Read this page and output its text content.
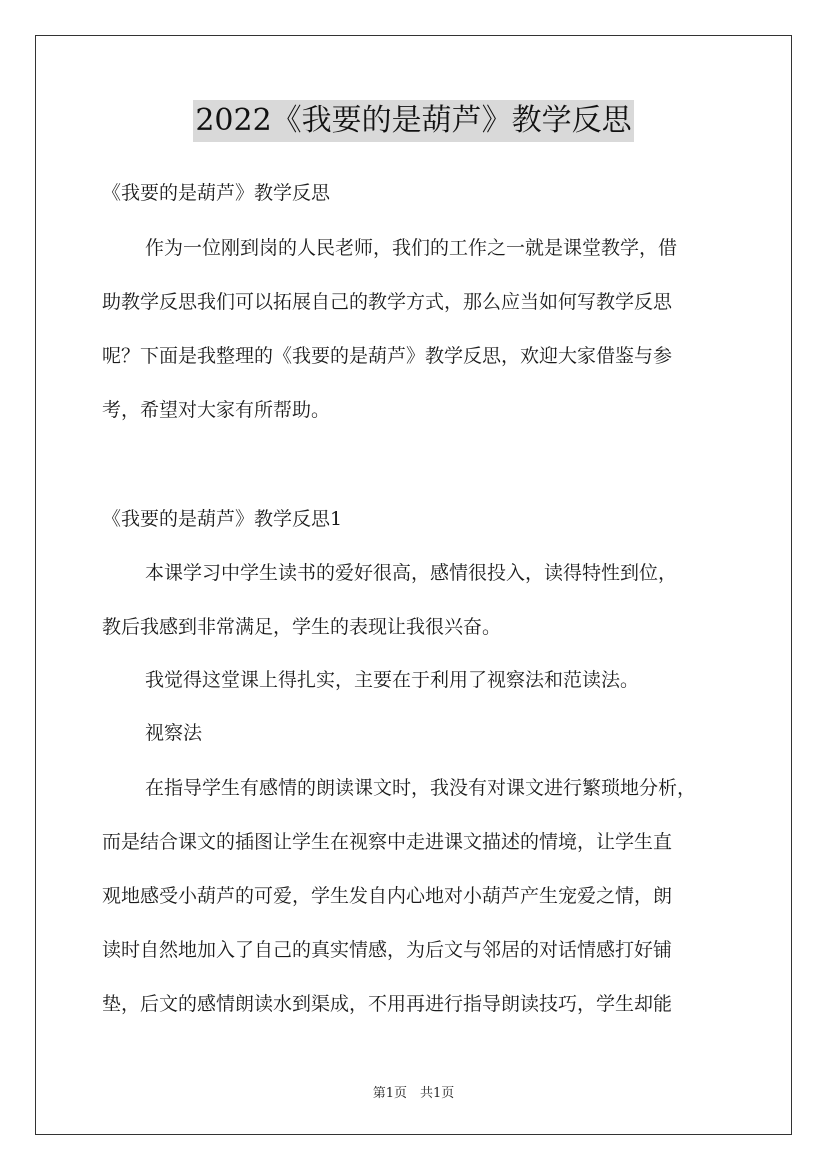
2022《我要的是葫芦》教学反思
《我要的是葫芦》教学反思
作为一位刚到岗的人民老师，我们的工作之一就是课堂教学，借
助教学反思我们可以拓展自己的教学方式，那么应当如何写教学反思
呢？下面是我整理的《我要的是葫芦》教学反思，欢迎大家借鉴与参
考，希望对大家有所帮助。
《我要的是葫芦》教学反思1
本课学习中学生读书的爱好很高，感情很投入，读得特性到位，
教后我感到非常满足，学生的表现让我很兴奋。
我觉得这堂课上得扎实，主要在于利用了视察法和范读法。
视察法
在指导学生有感情的朗读课文时，我没有对课文进行繁琐地分析，
而是结合课文的插图让学生在视察中走进课文描述的情境，让学生直
观地感受小葫芦的可爱，学生发自内心地对小葫芦产生宠爱之情，朗
读时自然地加入了自己的真实情感，为后文与邻居的对话情感打好铺
垫，后文的感情朗读水到渠成，不用再进行指导朗读技巧，学生却能
第1页　共1页
